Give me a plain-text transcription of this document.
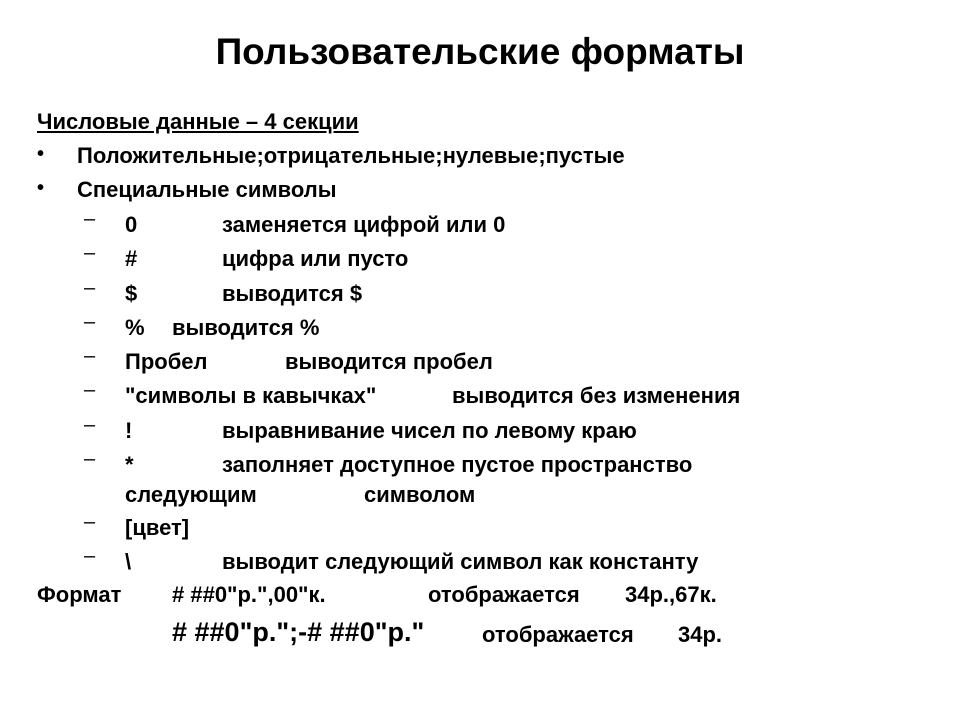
Пользовательские форматы
Числовые данные – 4 секции
• Положительные;отрицательные;нулевые;пустые
• Специальные символы
– 0	заменяется цифрой или 0
– #	цифра или пусто
– $	выводится $
– % выводится %
– Пробел	выводится пробел
– "символы в кавычках"	выводится без изменения
– !	выравнивание чисел по левому краю
– *	заполняет доступное пустое пространство
следующим	символом
– [цвет]
– \	выводит следующий символ как константу
Формат # ##0"р.",00"к.	отображается 34р.,67к.
# ##0"р.";-# ##0"р."	отображается 34р.
